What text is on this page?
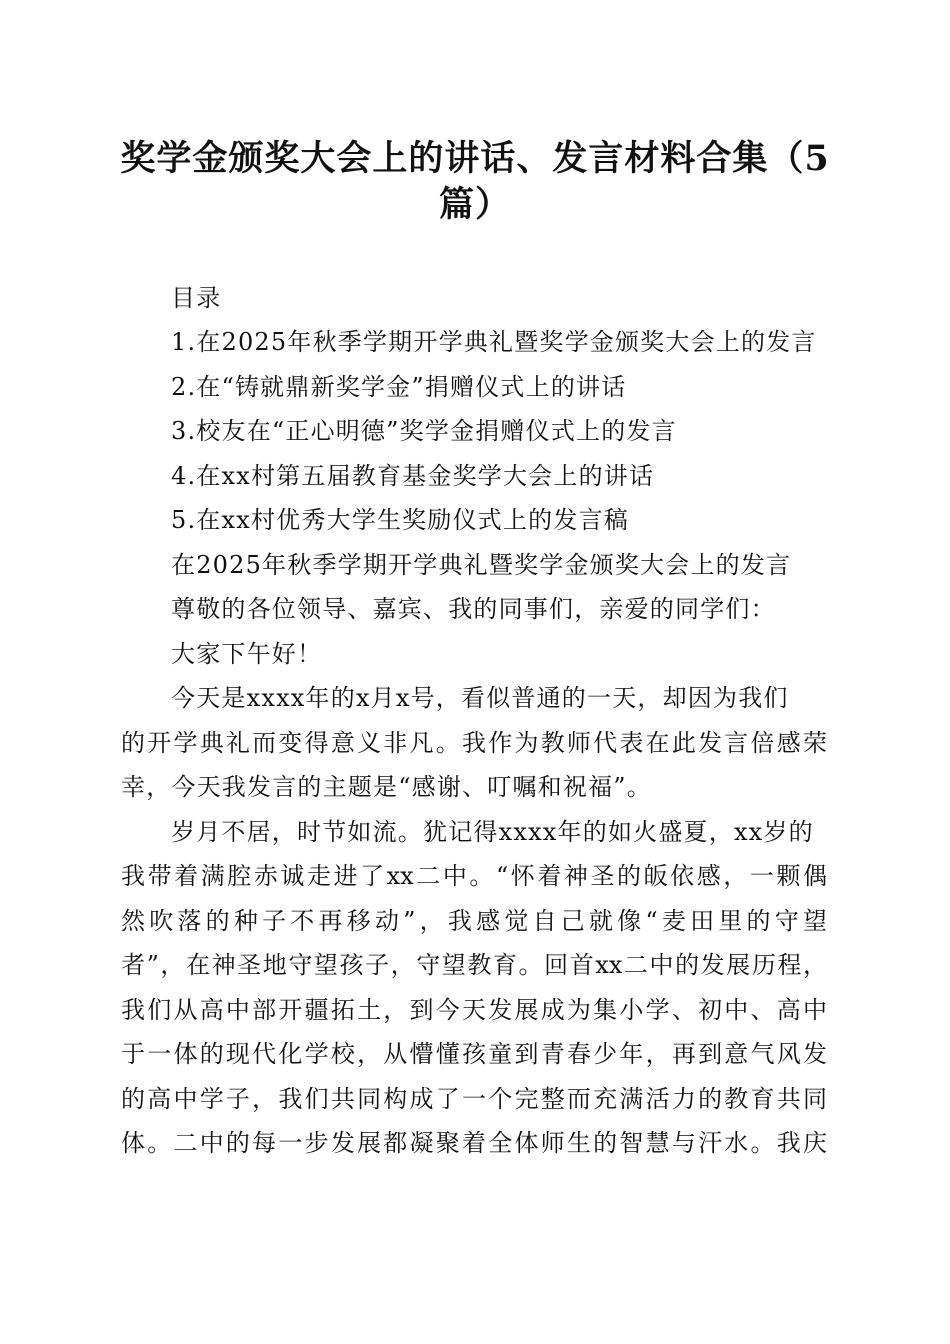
奖学金颁奖大会上的讲话、发言材料合集（5篇）
目录
1.在2025年秋季学期开学典礼暨奖学金颁奖大会上的发言
2.在“铸就鼎新奖学金”捐赠仪式上的讲话
3.校友在“正心明德”奖学金捐赠仪式上的发言
4.在xx村第五届教育基金奖学大会上的讲话
5.在xx村优秀大学生奖励仪式上的发言稿
在2025年秋季学期开学典礼暨奖学金颁奖大会上的发言
尊敬的各位领导、嘉宾、我的同事们，亲爱的同学们：
大家下午好！
今天是xxxx年的x月x号，看似普通的一天，却因为我们
的开学典礼而变得意义非凡。我作为教师代表在此发言倍感荣
幸，今天我发言的主题是“感谢、叮嘱和祝福”。
岁月不居，时节如流。犹记得xxxx年的如火盛夏，xx岁的
我带着满腔赤诚走进了xx二中。“怀着神圣的皈依感，一颗偶
然吹落的种子不再移动”，我感觉自己就像“麦田里的守望
者”，在神圣地守望孩子，守望教育。回首xx二中的发展历程，
我们从高中部开疆拓土，到今天发展成为集小学、初中、高中
于一体的现代化学校，从懵懂孩童到青春少年，再到意气风发
的高中学子，我们共同构成了一个完整而充满活力的教育共同
体。二中的每一步发展都凝聚着全体师生的智慧与汗水。我庆
